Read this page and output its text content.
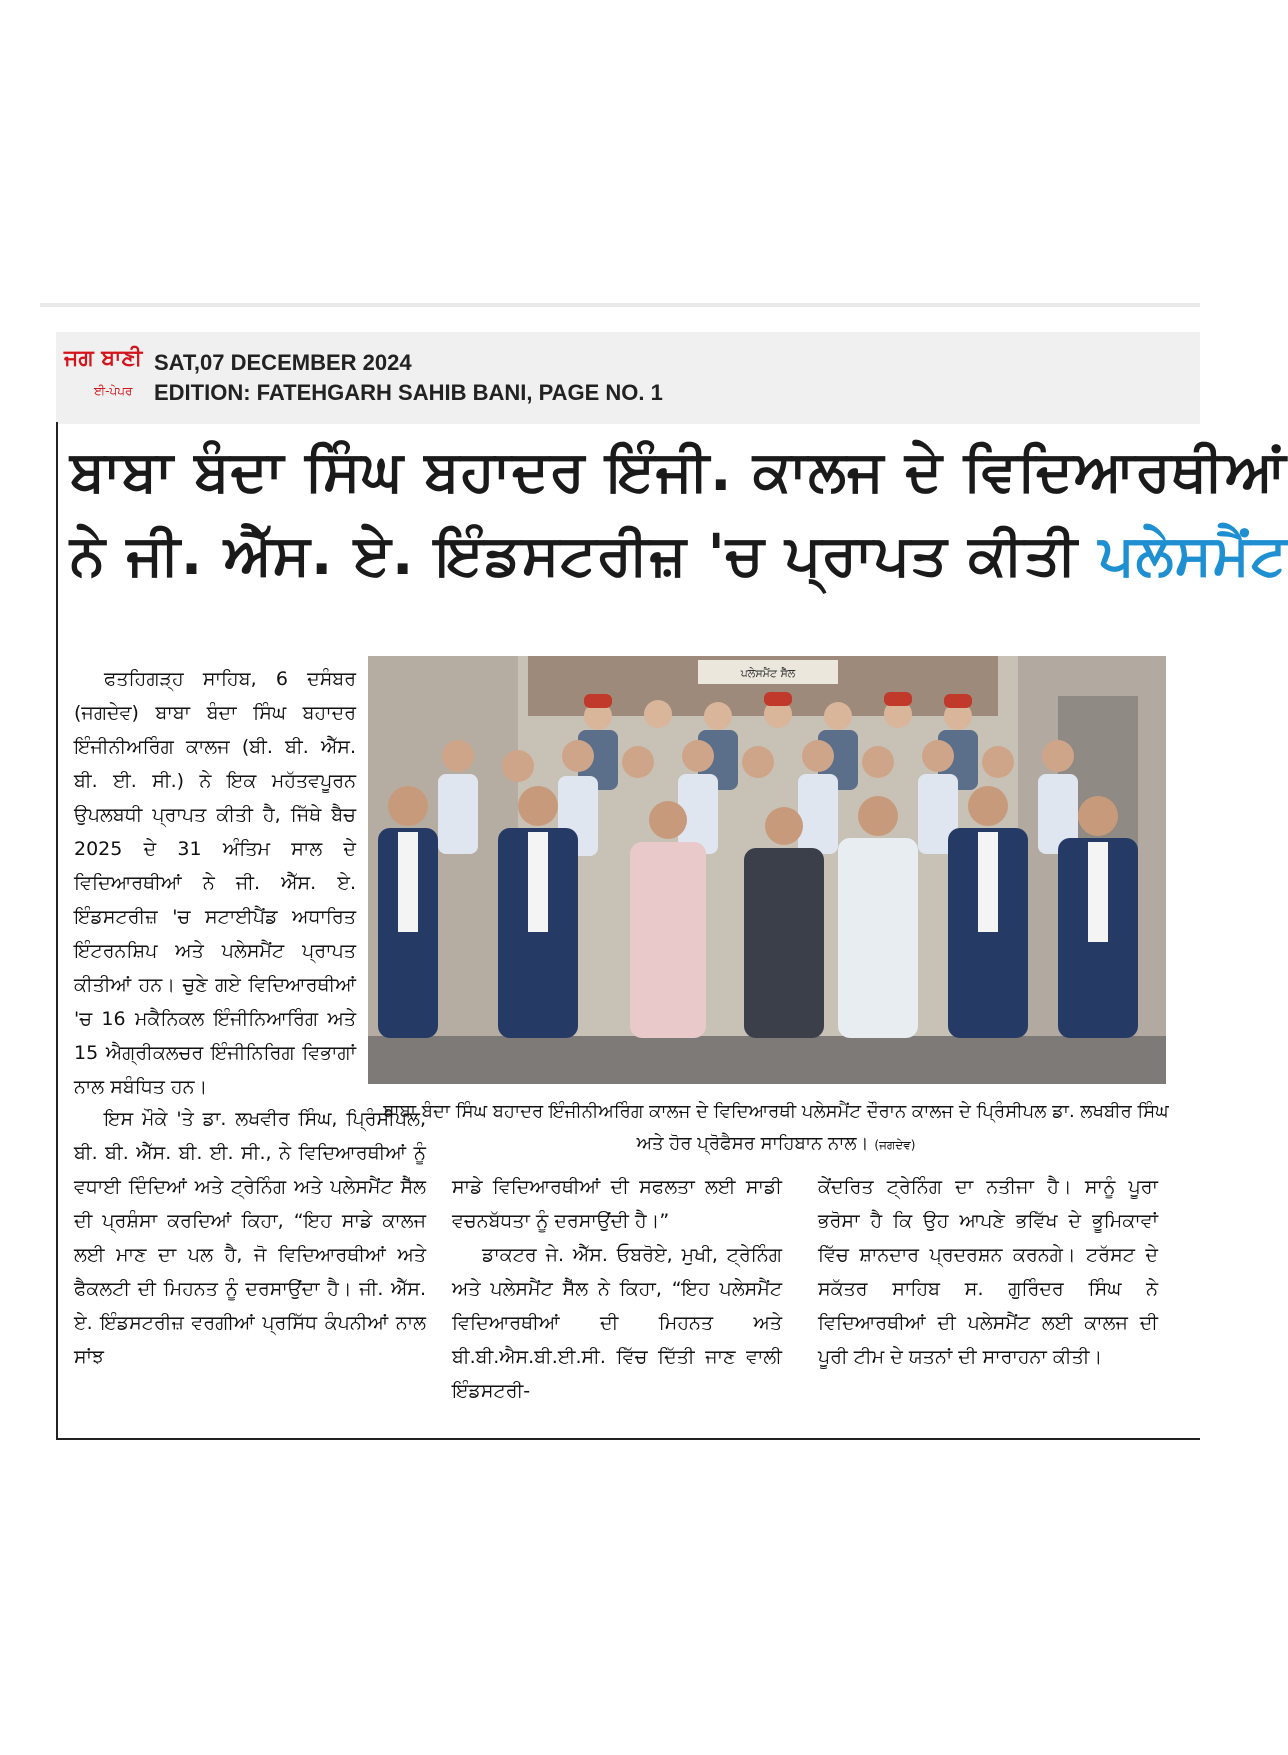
ਜਗ ਬਾਣੀ
ਈ-ਪੇਪਰ
SAT,07 DECEMBER 2024
EDITION: FATEHGARH SAHIB BANI, PAGE NO. 1
ਬਾਬਾ ਬੰਦਾ ਸਿੰਘ ਬਹਾਦਰ ਇੰਜੀ. ਕਾਲਜ ਦੇ ਵਿਦਿਆਰਥੀਆਂ
ਨੇ ਜੀ. ਐੱਸ. ਏ. ਇੰਡਸਟਰੀਜ਼ 'ਚ ਪ੍ਰਾਪਤ ਕੀਤੀ ਪਲੇਸਮੈਂਟ
ਪਲੇਸਮੈਂਟ ਸੈੱਲ
ਬਾਬਾ ਬੰਦਾ ਸਿੰਘ ਬਹਾਦਰ ਇੰਜੀਨੀਅਰਿੰਗ ਕਾਲਜ ਦੇ ਵਿਦਿਆਰਥੀ ਪਲੇਸਮੈਂਟ ਦੌਰਾਨ ਕਾਲਜ ਦੇ ਪ੍ਰਿੰਸੀਪਲ ਡਾ. ਲਖਬੀਰ ਸਿੰਘ ਅਤੇ ਹੋਰ ਪ੍ਰੋਫੈਸਰ ਸਾਹਿਬਾਨ ਨਾਲ। (ਜਗਦੇਵ)

ਫਤਹਿਗੜ੍ਹ ਸਾਹਿਬ, 6 ਦਸੰਬਰ (ਜਗਦੇਵ) ਬਾਬਾ ਬੰਦਾ ਸਿੰਘ ਬਹਾਦਰ ਇੰਜੀਨੀਅਰਿੰਗ ਕਾਲਜ (ਬੀ. ਬੀ. ਐੱਸ. ਬੀ. ਈ. ਸੀ.) ਨੇ ਇਕ ਮਹੱਤਵਪੂਰਨ ਉਪਲਬਧੀ ਪ੍ਰਾਪਤ ਕੀਤੀ ਹੈ, ਜਿੱਥੇ ਬੈਚ 2025 ਦੇ 31 ਅੰਤਿਮ ਸਾਲ ਦੇ ਵਿਦਿਆਰਥੀਆਂ ਨੇ ਜੀ. ਐੱਸ. ਏ. ਇੰਡਸਟਰੀਜ਼ 'ਚ ਸਟਾਈਪੈਂਡ ਅਧਾਰਿਤ ਇੰਟਰਨਸ਼ਿਪ ਅਤੇ ਪਲੇਸਮੈਂਟ ਪ੍ਰਾਪਤ ਕੀਤੀਆਂ ਹਨ। ਚੁਣੇ ਗਏ ਵਿਦਿਆਰਥੀਆਂ 'ਚ 16 ਮਕੈਨਿਕਲ ਇੰਜੀਨਿਆਰਿੰਗ ਅਤੇ 15 ਐਗ੍ਰੀਕਲਚਰ ਇੰਜੀਨਿਰਿਗ ਵਿਭਾਗਾਂ ਨਾਲ ਸਬੰਧਿਤ ਹਨ।

ਇਸ ਮੌਕੇ 'ਤੇ ਡਾ. ਲਖਵੀਰ ਸਿੰਘ, ਪ੍ਰਿੰਸੀਪਲ, ਬੀ. ਬੀ. ਐੱਸ. ਬੀ. ਈ. ਸੀ., ਨੇ ਵਿਦਿਆਰਥੀਆਂ ਨੂੰ ਵਧਾਈ ਦਿੰਦਿਆਂ ਅਤੇ ਟ੍ਰੇਨਿੰਗ ਅਤੇ ਪਲੇਸਮੈਂਟ ਸੈੱਲ ਦੀ ਪ੍ਰਸ਼ੰਸਾ ਕਰਦਿਆਂ ਕਿਹਾ, “ਇਹ ਸਾਡੇ ਕਾਲਜ ਲਈ ਮਾਣ ਦਾ ਪਲ ਹੈ, ਜੋ ਵਿਦਿਆਰਥੀਆਂ ਅਤੇ ਫੈਕਲਟੀ ਦੀ ਮਿਹਨਤ ਨੂੰ ਦਰਸਾਉਂਦਾ ਹੈ। ਜੀ. ਐੱਸ. ਏ. ਇੰਡਸਟਰੀਜ਼ ਵਰਗੀਆਂ ਪ੍ਰਸਿੱਧ ਕੰਪਨੀਆਂ ਨਾਲ ਸਾਂਝ

ਸਾਡੇ ਵਿਦਿਆਰਥੀਆਂ ਦੀ ਸਫਲਤਾ ਲਈ ਸਾਡੀ ਵਚਨਬੱਧਤਾ ਨੂੰ ਦਰਸਾਉਂਦੀ ਹੈ।”

ਡਾਕਟਰ ਜੇ. ਐੱਸ. ਓਬਰੋਏ, ਮੁਖੀ, ਟ੍ਰੇਨਿੰਗ ਅਤੇ ਪਲੇਸਮੈਂਟ ਸੈੱਲ ਨੇ ਕਿਹਾ, “ਇਹ ਪਲੇਸਮੈਂਟ ਵਿਦਿਆਰਥੀਆਂ ਦੀ ਮਿਹਨਤ ਅਤੇ ਬੀ.ਬੀ.ਐਸ.ਬੀ.ਈ.ਸੀ. ਵਿੱਚ ਦਿੱਤੀ ਜਾਣ ਵਾਲੀ ਇੰਡਸਟਰੀ-

ਕੇਂਦਰਿਤ ਟ੍ਰੇਨਿੰਗ ਦਾ ਨਤੀਜਾ ਹੈ। ਸਾਨੂੰ ਪੂਰਾ ਭਰੋਸਾ ਹੈ ਕਿ ਉਹ ਆਪਣੇ ਭਵਿੱਖ ਦੇ ਭੂਮਿਕਾਵਾਂ ਵਿੱਚ ਸ਼ਾਨਦਾਰ ਪ੍ਰਦਰਸ਼ਨ ਕਰਨਗੇ। ਟਰੱਸਟ ਦੇ ਸਕੱਤਰ ਸਾਹਿਬ ਸ. ਗੁਰਿੰਦਰ ਸਿੰਘ ਨੇ ਵਿਦਿਆਰਥੀਆਂ ਦੀ ਪਲੇਸਮੈਂਟ ਲਈ ਕਾਲਜ ਦੀ ਪੂਰੀ ਟੀਮ ਦੇ ਯਤਨਾਂ ਦੀ ਸਾਰਾਹਨਾ ਕੀਤੀ।
